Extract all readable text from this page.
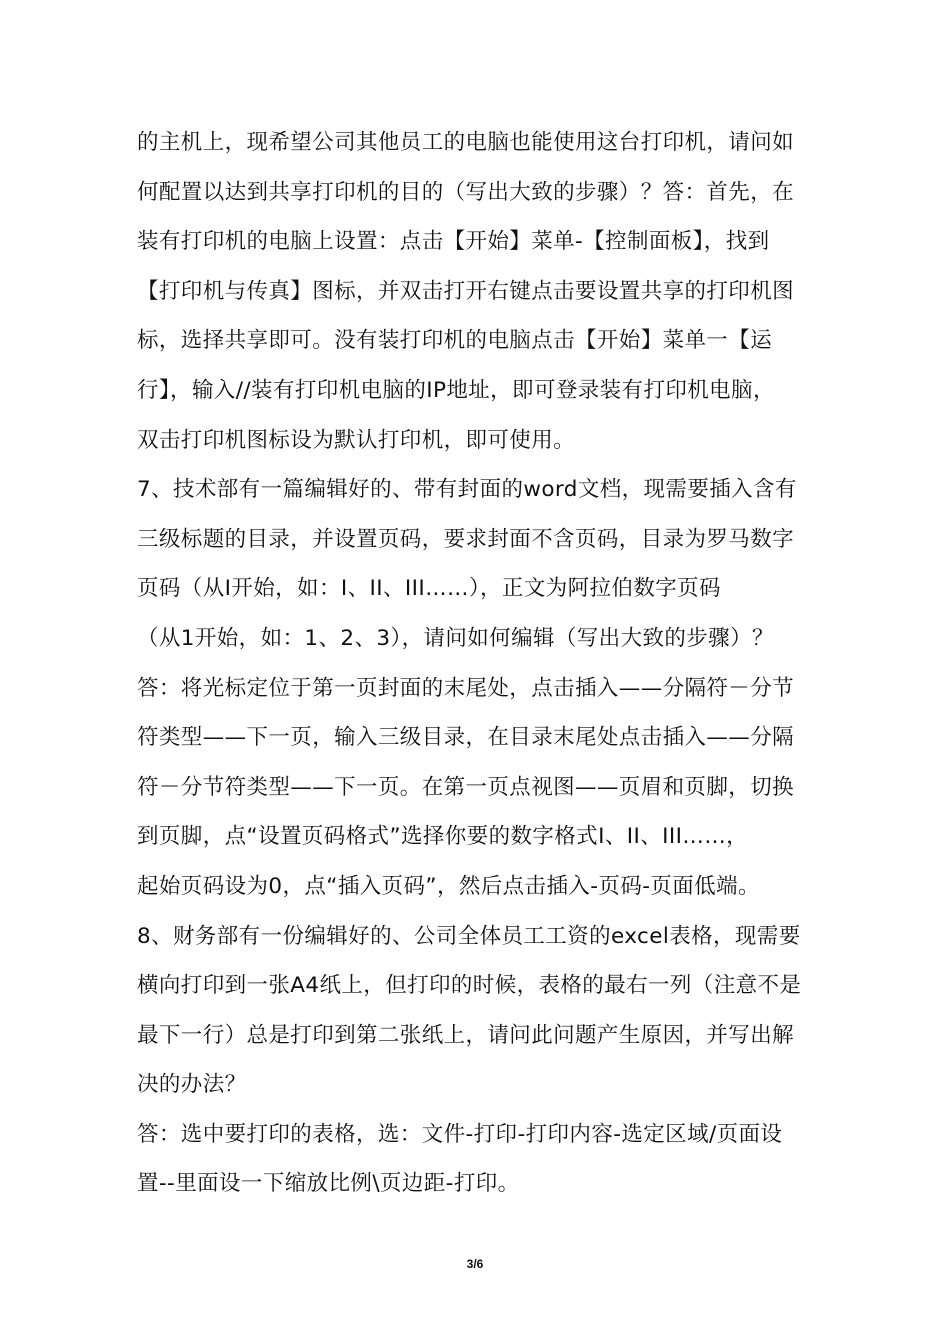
的主机上，现希望公司其他员工的电脑也能使用这台打印机，请问如
何配置以达到共享打印机的目的（写出大致的步骤）？答：首先，在
装有打印机的电脑上设置：点击【开始】菜单-【控制面板】，找到
【打印机与传真】图标，并双击打开右键点击要设置共享的打印机图
标，选择共享即可。没有装打印机的电脑点击【开始】菜单一【运
行】，输入//装有打印机电脑的IP地址，即可登录装有打印机电脑，
双击打印机图标设为默认打印机，即可使用。
7、技术部有一篇编辑好的、带有封面的word文档，现需要插入含有
三级标题的目录，并设置页码，要求封面不含页码，目录为罗马数字
页码（从I开始，如：I、II、III……），正文为阿拉伯数字页码
（从1开始，如：1、2、3），请问如何编辑（写出大致的步骤）？
答：将光标定位于第一页封面的末尾处，点击插入——分隔符－分节
符类型——下一页，输入三级目录，在目录末尾处点击插入——分隔
符－分节符类型——下一页。在第一页点视图——页眉和页脚，切换
到页脚，点“设置页码格式”选择你要的数字格式I、II、III……，
起始页码设为0，点“插入页码”，然后点击插入-页码-页面低端。
8、财务部有一份编辑好的、公司全体员工工资的excel表格，现需要
横向打印到一张A4纸上，但打印的时候，表格的最右一列（注意不是
最下一行）总是打印到第二张纸上，请问此问题产生原因，并写出解
决的办法？
答：选中要打印的表格，选：文件-打印-打印内容-选定区域/页面设
置--里面设一下缩放比例\页边距-打印。
3/6
